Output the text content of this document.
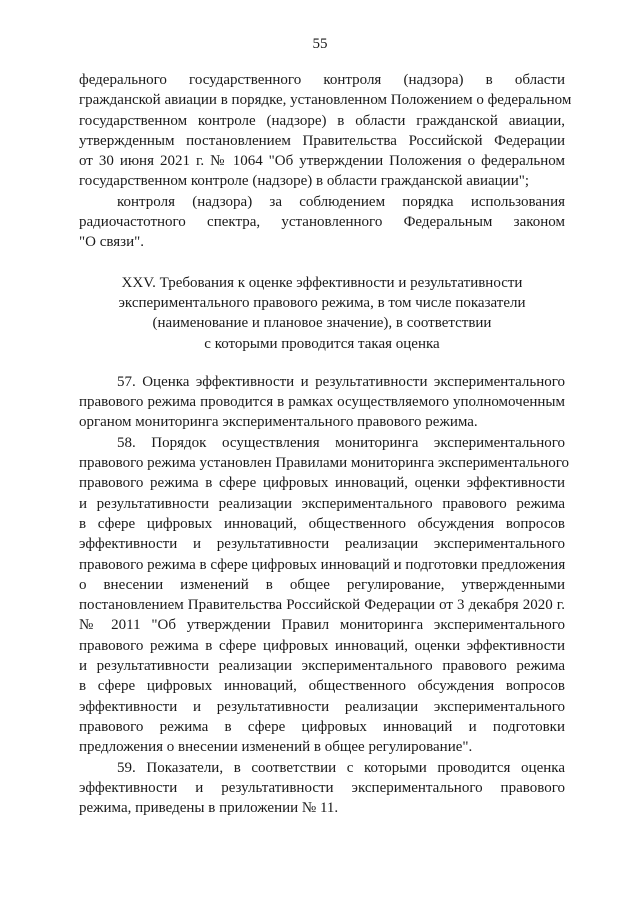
55
федерального государственного контроля (надзора) в области
гражданской авиации в порядке, установленном Положением о федеральном
государственном контроле (надзоре) в области гражданской авиации,
утвержденным постановлением Правительства Российской Федерации
от 30 июня 2021 г. № 1064 "Об утверждении Положения о федеральном
государственном контроле (надзоре) в области гражданской авиации";
контроля (надзора) за соблюдением порядка использования
радиочастотного спектра, установленного Федеральным законом
"О связи".
XXV. Требования к оценке эффективности и результативности
экспериментального правового режима, в том числе показатели
(наименование и плановое значение), в соответствии
с которыми проводится такая оценка
57. Оценка эффективности и результативности экспериментального
правового режима проводится в рамках осуществляемого уполномоченным
органом мониторинга экспериментального правового режима.
58. Порядок осуществления мониторинга экспериментального
правового режима установлен Правилами мониторинга экспериментального
правового режима в сфере цифровых инноваций, оценки эффективности
и результативности реализации экспериментального правового режима
в сфере цифровых инноваций, общественного обсуждения вопросов
эффективности и результативности реализации экспериментального
правового режима в сфере цифровых инноваций и подготовки предложения
о внесении изменений в общее регулирование, утвержденными
постановлением Правительства Российской Федерации от 3 декабря 2020 г.
№ 2011 "Об утверждении Правил мониторинга экспериментального
правового режима в сфере цифровых инноваций, оценки эффективности
и результативности реализации экспериментального правового режима
в сфере цифровых инноваций, общественного обсуждения вопросов
эффективности и результативности реализации экспериментального
правового режима в сфере цифровых инноваций и подготовки
предложения о внесении изменений в общее регулирование".
59. Показатели, в соответствии с которыми проводится оценка
эффективности и результативности экспериментального правового
режима, приведены в приложении № 11.
